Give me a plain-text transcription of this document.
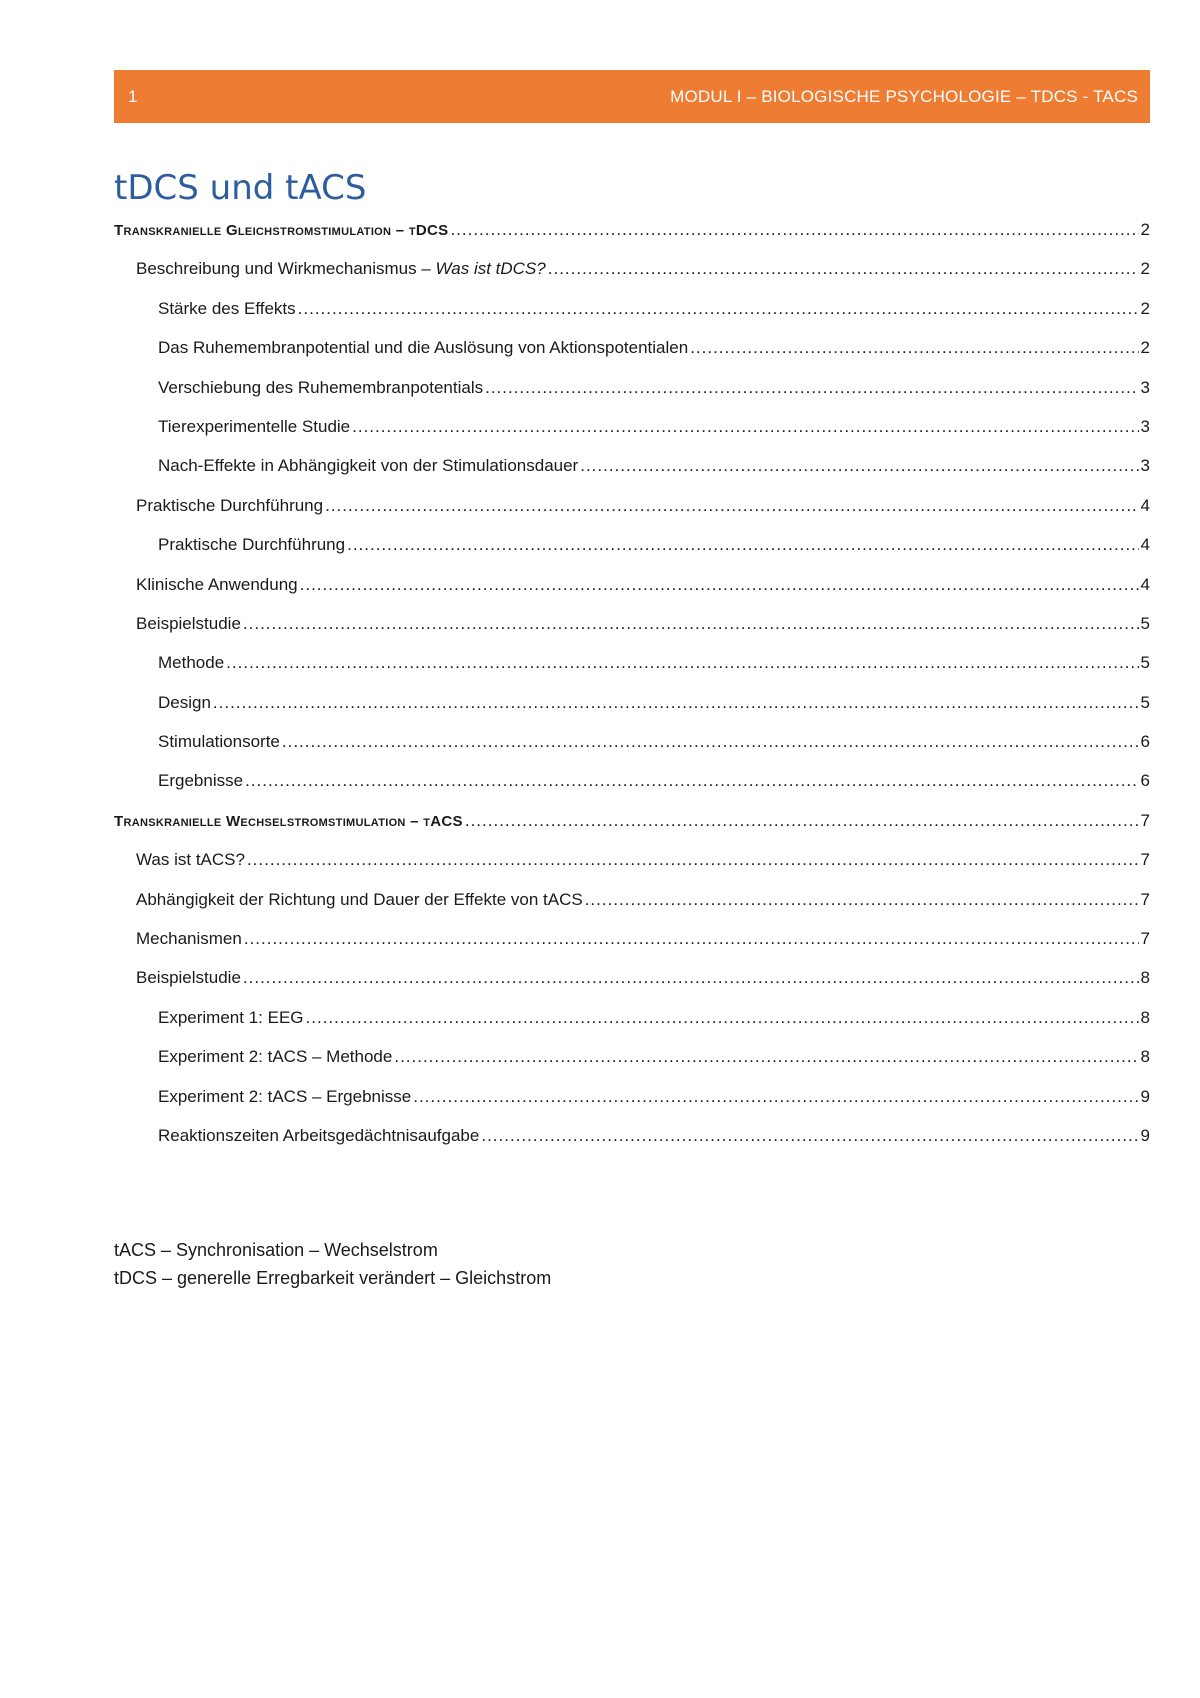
1	MODUL I – BIOLOGISCHE PSYCHOLOGIE – TDCS - TACS
tDCS und tACS
Transkranielle Gleichstromstimulation – tDCS .....	2
Beschreibung und Wirkmechanismus – Was ist tDCS? .....	2
Stärke des Effekts .....	2
Das Ruhemembranpotential und die Auslösung von Aktionspotentialen .....	2
Verschiebung des Ruhemembranpotentials .....	3
Tierexperimentelle Studie .....	3
Nach-Effekte in Abhängigkeit von der Stimulationsdauer .....	3
Praktische Durchführung .....	4
Praktische Durchführung .....	4
Klinische Anwendung .....	4
Beispielstudie .....	5
Methode .....	5
Design .....	5
Stimulationsorte .....	6
Ergebnisse .....	6
Transkranielle Wechselstromstimulation – tACS .....	7
Was ist tACS? .....	7
Abhängigkeit der Richtung und Dauer der Effekte von tACS .....	7
Mechanismen .....	7
Beispielstudie .....	8
Experiment 1: EEG .....	8
Experiment 2: tACS – Methode .....	8
Experiment 2: tACS – Ergebnisse .....	9
Reaktionszeiten Arbeitsgedächtnisaufgabe .....	9

tACS – Synchronisation – Wechselstrom

tDCS – generelle Erregbarkeit verändert – Gleichstrom
